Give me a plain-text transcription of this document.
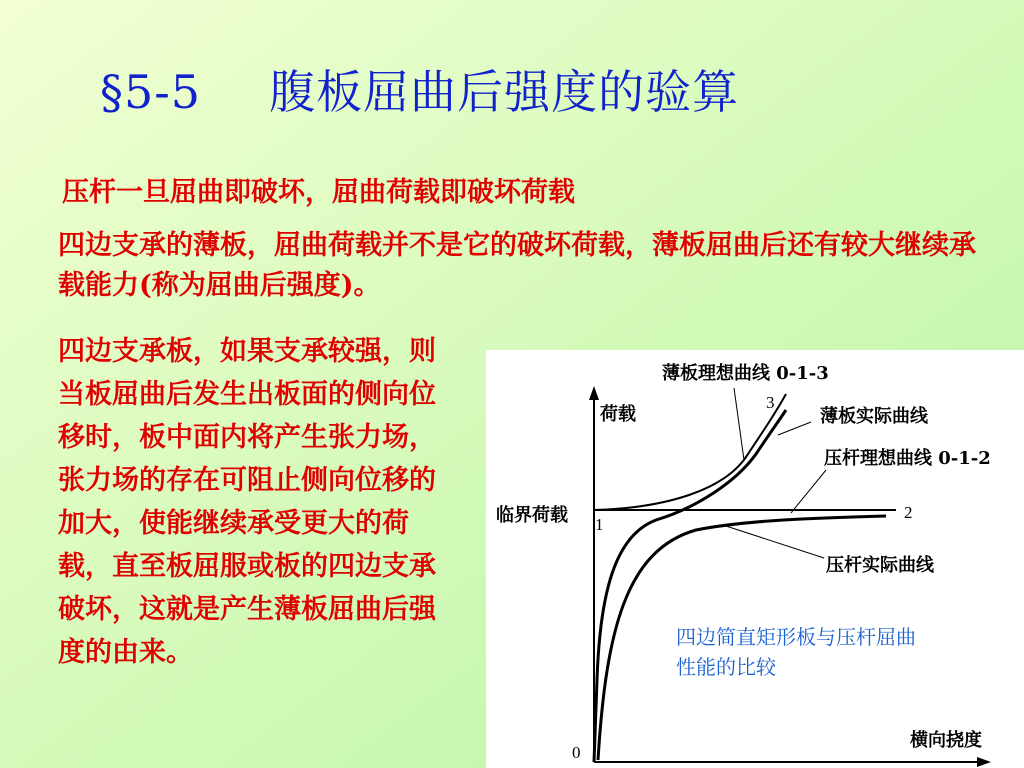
§5-5 腹板屈曲后强度的验算
压杆一旦屈曲即破坏，屈曲荷载即破坏荷载
四边支承的薄板，屈曲荷载并不是它的破坏荷载，薄板屈曲后还有较大继续承载能力(称为屈曲后强度)。
四边支承板，如果支承较强，则当板屈曲后发生出板面的侧向位移时，板中面内将产生张力场，张力场的存在可阻止侧向位移的加大，使能继续承受更大的荷载，直至板屈服或板的四边支承破坏，这就是产生薄板屈曲后强度的由来。
荷载
横向挠度
临界荷载
0
1
2
3
薄板理想曲线 0-1-3
薄板实际曲线
压杆理想曲线 0-1-2
压杆实际曲线
四边简直矩形板与压杆屈曲性能的比较
